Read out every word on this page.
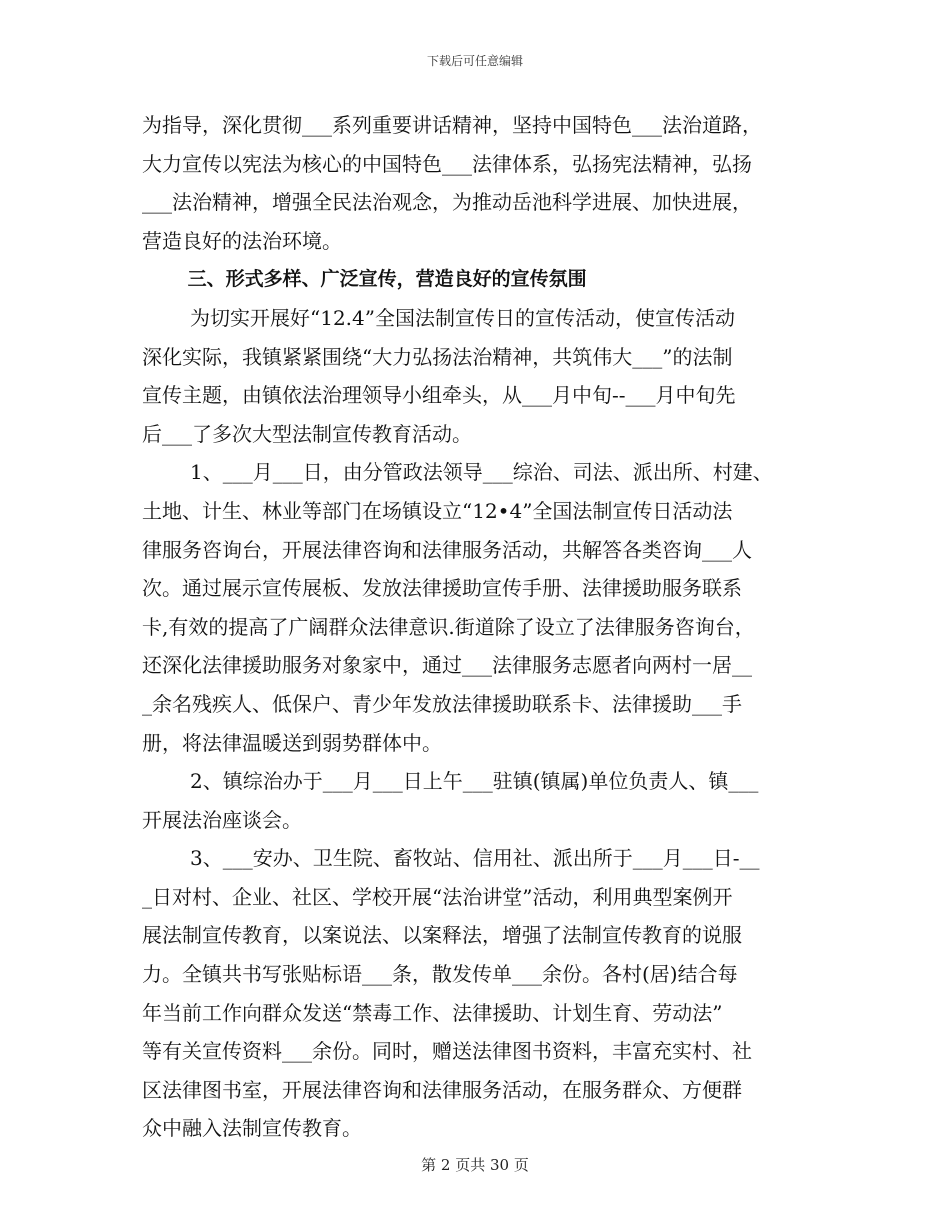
下载后可任意编辑
为指导，深化贯彻___系列重要讲话精神，坚持中国特色___法治道路，
大力宣传以宪法为核心的中国特色___法律体系，弘扬宪法精神，弘扬
___法治精神，增强全民法治观念，为推动岳池科学进展、加快进展，
营造良好的法治环境。
三、形式多样、广泛宣传，营造良好的宣传氛围
为切实开展好“12.4”全国法制宣传日的宣传活动，使宣传活动
深化实际，我镇紧紧围绕“大力弘扬法治精神，共筑伟大___”的法制
宣传主题，由镇依法治理领导小组牵头，从___月中旬--___月中旬先
后___了多次大型法制宣传教育活动。
1、___月___日，由分管政法领导___综治、司法、派出所、村建、
土地、计生、林业等部门在场镇设立“12•4”全国法制宣传日活动法
律服务咨询台，开展法律咨询和法律服务活动，共解答各类咨询___人
次。通过展示宣传展板、发放法律援助宣传手册、法律援助服务联系
卡,有效的提高了广阔群众法律意识.街道除了设立了法律服务咨询台，
还深化法律援助服务对象家中，通过___法律服务志愿者向两村一居__
_余名残疾人、低保户、青少年发放法律援助联系卡、法律援助___手
册，将法律温暖送到弱势群体中。
2、镇综治办于___月___日上午___驻镇(镇属)单位负责人、镇___
开展法治座谈会。
3、___安办、卫生院、畜牧站、信用社、派出所于___月___日-__
_日对村、企业、社区、学校开展“法治讲堂”活动，利用典型案例开
展法制宣传教育，以案说法、以案释法，增强了法制宣传教育的说服
力。全镇共书写张贴标语___条，散发传单___余份。各村(居)结合每
年当前工作向群众发送“禁毒工作、法律援助、计划生育、劳动法”
等有关宣传资料___余份。同时，赠送法律图书资料，丰富充实村、社
区法律图书室，开展法律咨询和法律服务活动，在服务群众、方便群
众中融入法制宣传教育。
第 2 页共 30 页
